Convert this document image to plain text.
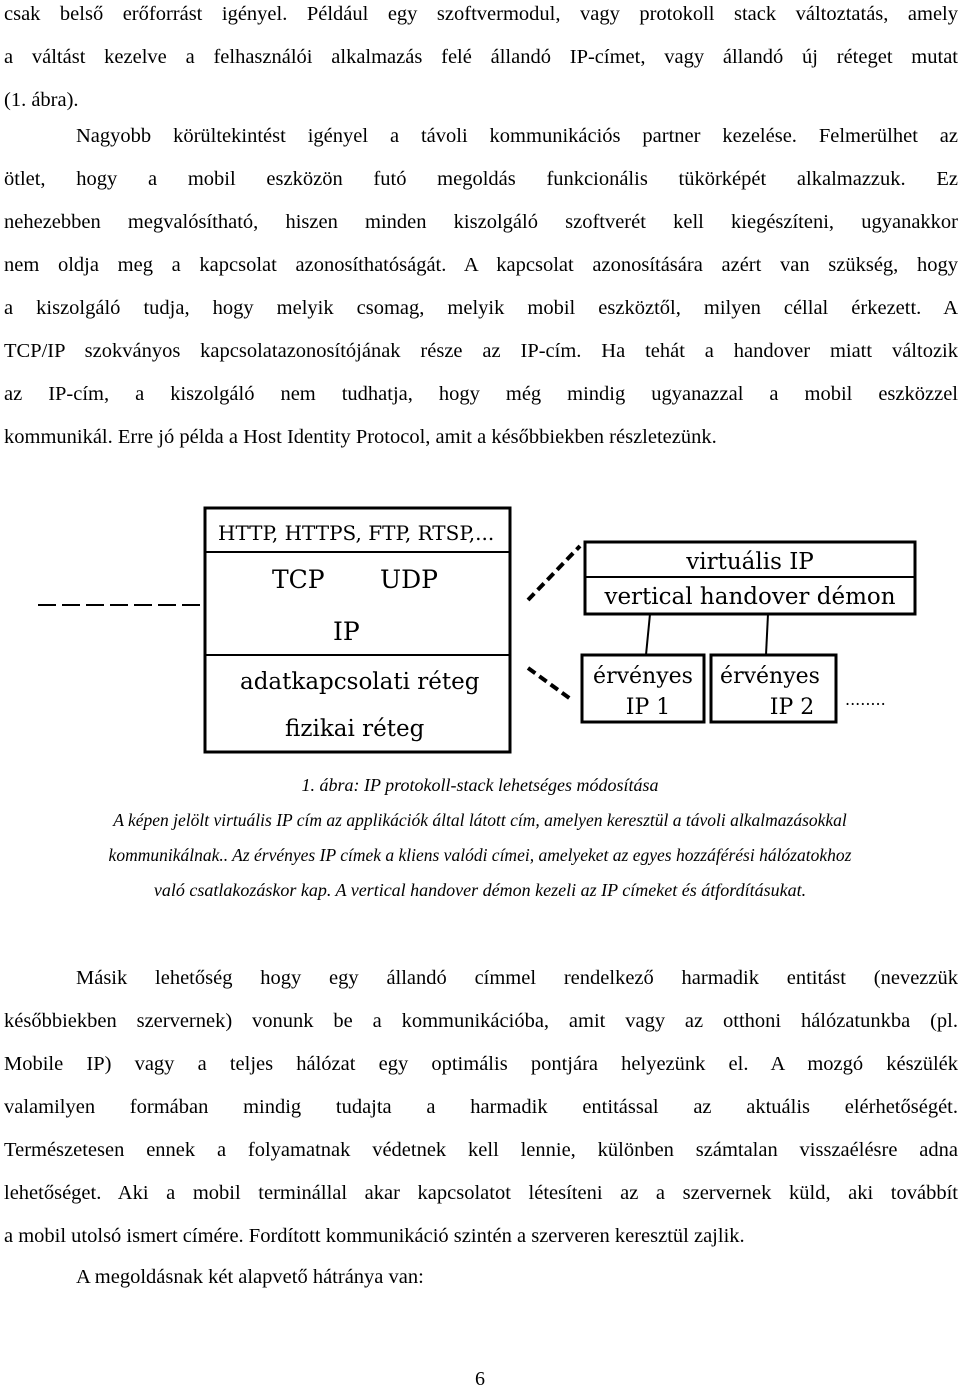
csak belső erőforrást igényel. Például egy szoftvermodul, vagy protokoll stack változtatás, amely
a váltást kezelve a felhasználói alkalmazás felé állandó IP-címet, vagy állandó új réteget mutat
(1. ábra).
Nagyobb körültekintést igényel a távoli kommunikációs partner kezelése. Felmerülhet az
ötlet, hogy a mobil eszközön futó megoldás funkcionális tükörképét alkalmazzuk. Ez
nehezebben megvalósítható, hiszen minden kiszolgáló szoftverét kell kiegészíteni, ugyanakkor
nem oldja meg a kapcsolat azonosíthatóságát. A kapcsolat azonosítására azért van szükség, hogy
a kiszolgáló tudja, hogy melyik csomag, melyik mobil eszköztől, milyen céllal érkezett. A
TCP/IP szokványos kapcsolatazonosítójának része az IP-cím. Ha tehát a handover miatt változik
az IP-cím, a kiszolgáló nem tudhatja, hogy még mindig ugyanazzal a mobil eszközzel
kommunikál. Erre jó példa a Host Identity Protocol, amit a későbbiekben részletezünk.
HTTP, HTTPS, FTP, RTSP,...
TCP UDP
IP
adatkapcsolati réteg
fizikai réteg
virtuális IP
vertical handover démon
érvényes
IP 1
érvényes
IP 2 ........
1. ábra: IP protokoll-stack lehetséges módosítása
A képen jelölt virtuális IP cím az applikációk által látott cím, amelyen keresztül a távoli alkalmazásokkal
kommunikálnak.. Az érvényes IP címek a kliens valódi címei, amelyeket az egyes hozzáférési hálózatokhoz
való csatlakozáskor kap. A vertical handover démon kezeli az IP címeket és átfordításukat.
Másik lehetőség hogy egy állandó címmel rendelkező harmadik entitást (nevezzük
későbbiekben szervernek) vonunk be a kommunikációba, amit vagy az otthoni hálózatunkba (pl.
Mobile IP) vagy a teljes hálózat egy optimális pontjára helyezünk el. A mozgó készülék
valamilyen formában mindig tudajta a harmadik entitással az aktuális elérhetőségét.
Természetesen ennek a folyamatnak védetnek kell lennie, különben számtalan visszaélésre adna
lehetőséget. Aki a mobil terminállal akar kapcsolatot létesíteni az a szervernek küld, aki továbbít
a mobil utolsó ismert címére. Fordított kommunikáció szintén a szerveren keresztül zajlik.
A megoldásnak két alapvető hátránya van:
6
